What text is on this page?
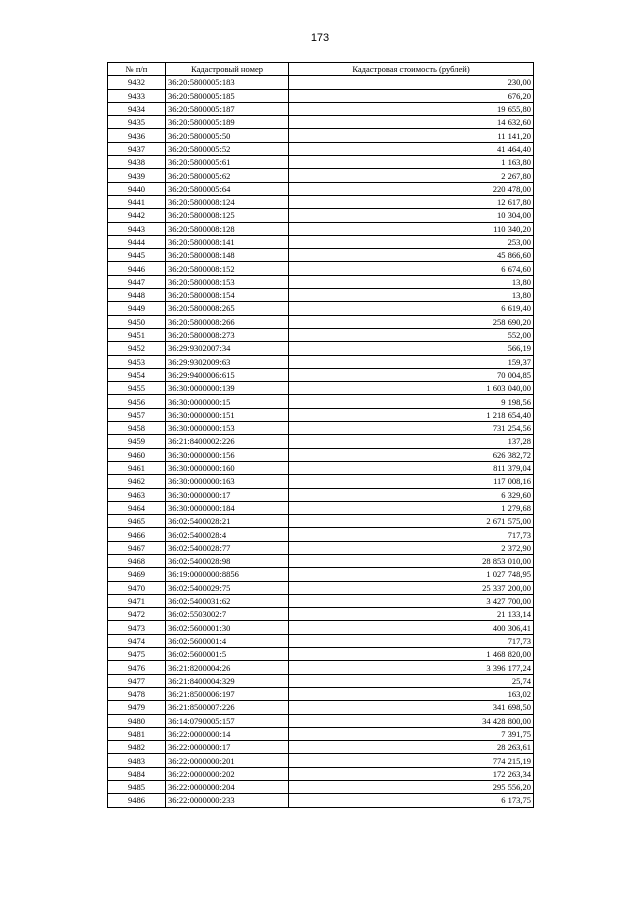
173
№ п/п	Кадастровый номер	Кадастровая стоимость (рублей)
9432	36:20:5800005:183	230,00
9433	36:20:5800005:185	676,20
9434	36:20:5800005:187	19 655,80
9435	36:20:5800005:189	14 632,60
9436	36:20:5800005:50	11 141,20
9437	36:20:5800005:52	41 464,40
9438	36:20:5800005:61	1 163,80
9439	36:20:5800005:62	2 267,80
9440	36:20:5800005:64	220 478,00
9441	36:20:5800008:124	12 617,80
9442	36:20:5800008:125	10 304,00
9443	36:20:5800008:128	110 340,20
9444	36:20:5800008:141	253,00
9445	36:20:5800008:148	45 866,60
9446	36:20:5800008:152	6 674,60
9447	36:20:5800008:153	13,80
9448	36:20:5800008:154	13,80
9449	36:20:5800008:265	6 619,40
9450	36:20:5800008:266	258 690,20
9451	36:20:5800008:273	552,00
9452	36:29:9302007:34	566,19
9453	36:29:9302009:63	159,37
9454	36:29:9400006:615	70 004,85
9455	36:30:0000000:139	1 603 040,00
9456	36:30:0000000:15	9 198,56
9457	36:30:0000000:151	1 218 654,40
9458	36:30:0000000:153	731 254,56
9459	36:21:8400002:226	137,28
9460	36:30:0000000:156	626 382,72
9461	36:30:0000000:160	811 379,04
9462	36:30:0000000:163	117 008,16
9463	36:30:0000000:17	6 329,60
9464	36:30:0000000:184	1 279,68
9465	36:02:5400028:21	2 671 575,00
9466	36:02:5400028:4	717,73
9467	36:02:5400028:77	2 372,90
9468	36:02:5400028:98	28 853 010,00
9469	36:19:0000000:8856	1 027 748,95
9470	36:02:5400029:75	25 337 200,00
9471	36:02:5400031:62	3 427 700,00
9472	36:02:5503002:7	21 133,14
9473	36:02:5600001:30	400 306,41
9474	36:02:5600001:4	717,73
9475	36:02:5600001:5	1 468 820,00
9476	36:21:8200004:26	3 396 177,24
9477	36:21:8400004:329	25,74
9478	36:21:8500006:197	163,02
9479	36:21:8500007:226	341 698,50
9480	36:14:0790005:157	34 428 800,00
9481	36:22:0000000:14	7 391,75
9482	36:22:0000000:17	28 263,61
9483	36:22:0000000:201	774 215,19
9484	36:22:0000000:202	172 263,34
9485	36:22:0000000:204	295 556,20
9486	36:22:0000000:233	6 173,75
